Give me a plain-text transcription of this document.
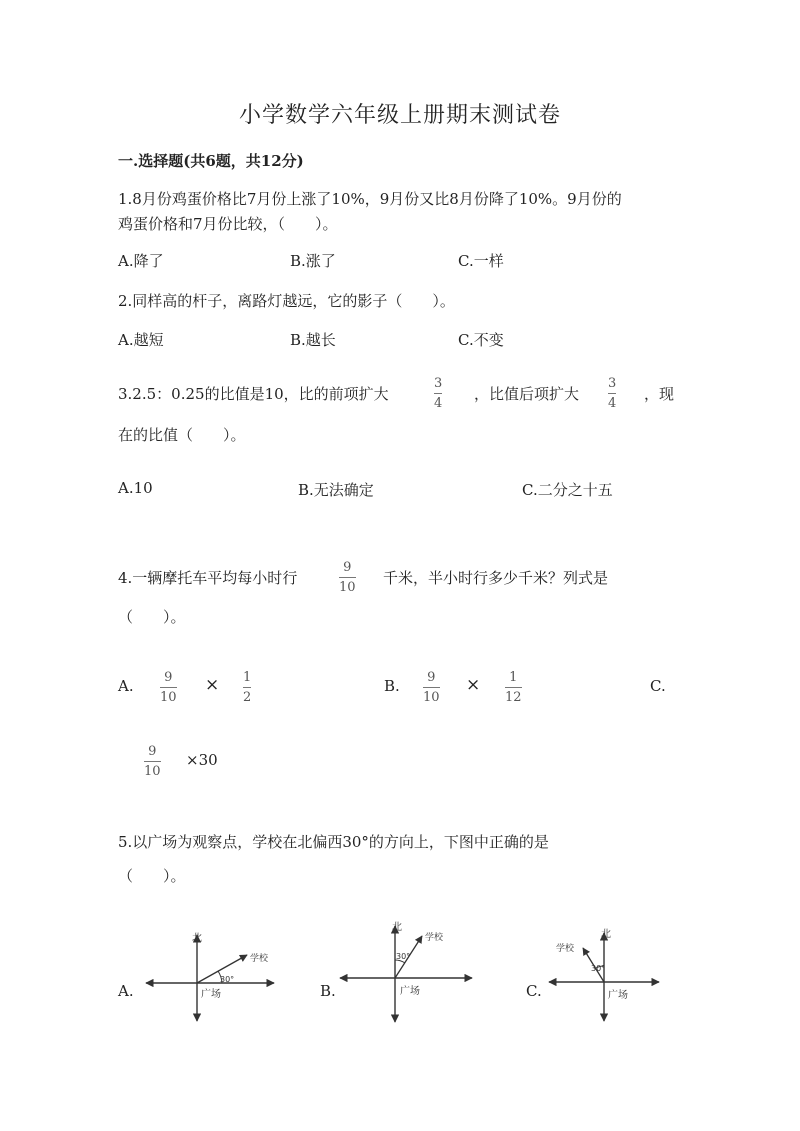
小学数学六年级上册期末测试卷
一.选择题(共6题，共12分)
1.8月份鸡蛋价格比7月份上涨了10%，9月份又比8月份降了10%。9月份的
鸡蛋价格和7月份比较，（　　）。
A.降了	B.涨了	C.一样
2.同样高的杆子，离路灯越远，它的影子（　　）。
A.越短	B.越长	C.不变
3.2.5：0.25的比值是10，比的前项扩大
3
4
，比值后项扩大
3
4
，现
在的比值（　　）。
A.10	B.无法确定	C.二分之十五
4.一辆摩托车平均每小时行
9
10
千米，半小时行多少千米？列式是
（　　）。
A. 9
10
× 1
2
B. 9
10
× 1
12
C.
9
10
×30
5.以广场为观察点，学校在北偏西30°的方向上，下图中正确的是
（　　）。
A.	B.	C.
北
学校
30°
广场
北
学校
30°
广场
北
学校
30°
广场
